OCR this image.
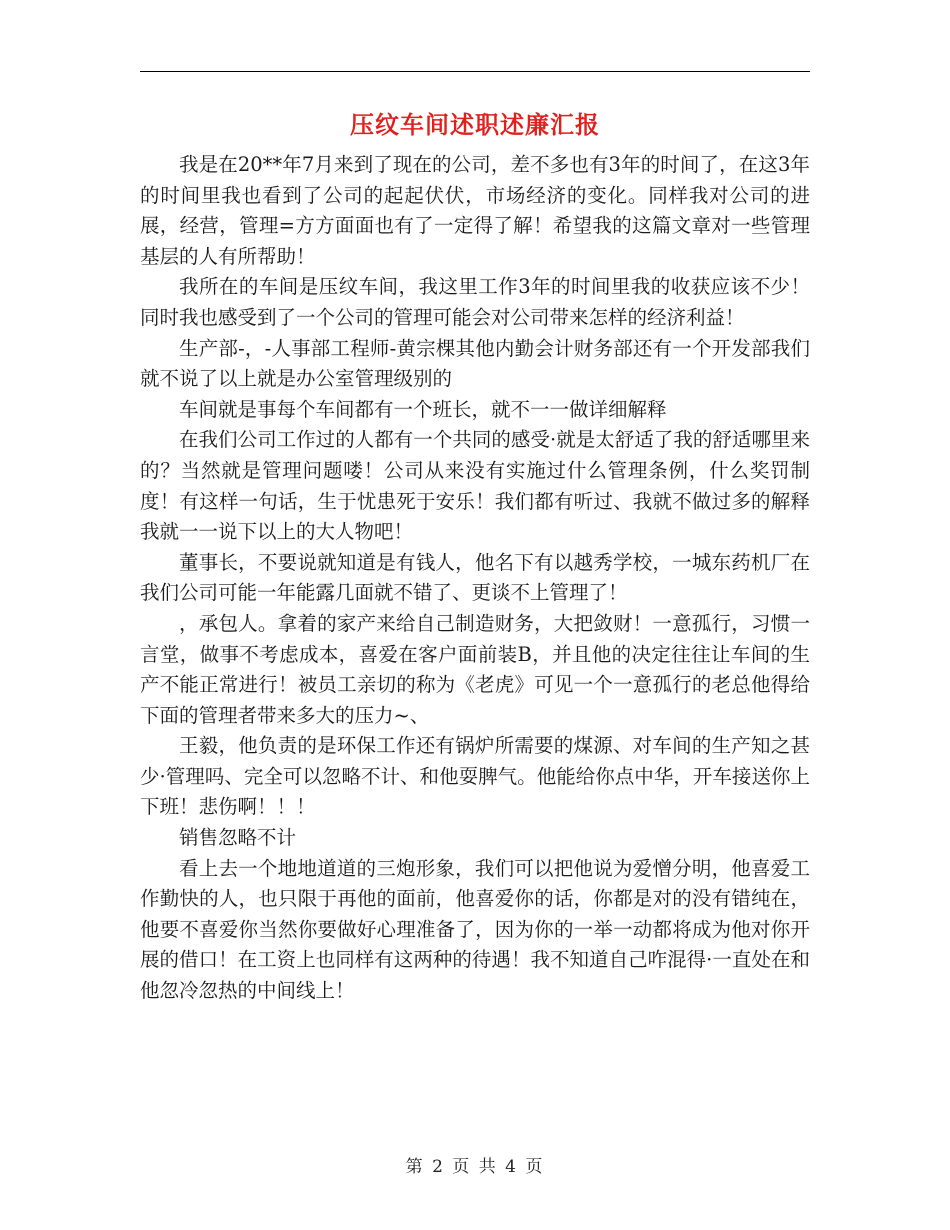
压纹车间述职述廉汇报

我是在20**年7月来到了现在的公司，差不多也有3年的时间了，在这3年的时间里我也看到了公司的起起伏伏，市场经济的变化。同样我对公司的进展，经营，管理=方方面面也有了一定得了解！希望我的这篇文章对一些管理基层的人有所帮助！

我所在的车间是压纹车间，我这里工作3年的时间里我的收获应该不少！同时我也感受到了一个公司的管理可能会对公司带来怎样的经济利益！

生产部-，-人事部工程师-黄宗棵其他内勤会计财务部还有一个开发部我们就不说了以上就是办公室管理级别的

车间就是事每个车间都有一个班长，就不一一做详细解释

在我们公司工作过的人都有一个共同的感受·就是太舒适了我的舒适哪里来的？当然就是管理问题喽！公司从来没有实施过什么管理条例，什么奖罚制度！有这样一句话，生于忧患死于安乐！我们都有听过、我就不做过多的解释我就一一说下以上的大人物吧！

董事长，不要说就知道是有钱人，他名下有以越秀学校，一城东药机厂在我们公司可能一年能露几面就不错了、更谈不上管理了！

，承包人。拿着的家产来给自己制造财务，大把敛财！一意孤行，习惯一言堂，做事不考虑成本，喜爱在客户面前装B，并且他的决定往往让车间的生产不能正常进行！被员工亲切的称为《老虎》可见一个一意孤行的老总他得给下面的管理者带来多大的压力~、

王毅，他负责的是环保工作还有锅炉所需要的煤源、对车间的生产知之甚少·管理吗、完全可以忽略不计、和他耍脾气。他能给你点中华，开车接送你上下班！悲伤啊！！！

销售忽略不计

看上去一个地地道道的三炮形象，我们可以把他说为爱憎分明，他喜爱工作勤快的人，也只限于再他的面前，他喜爱你的话，你都是对的没有错纯在，他要不喜爱你当然你要做好心理准备了，因为你的一举一动都将成为他对你开展的借口！在工资上也同样有这两种的待遇！我不知道自己咋混得·一直处在和他忽冷忽热的中间线上！

第 2 页 共 4 页
